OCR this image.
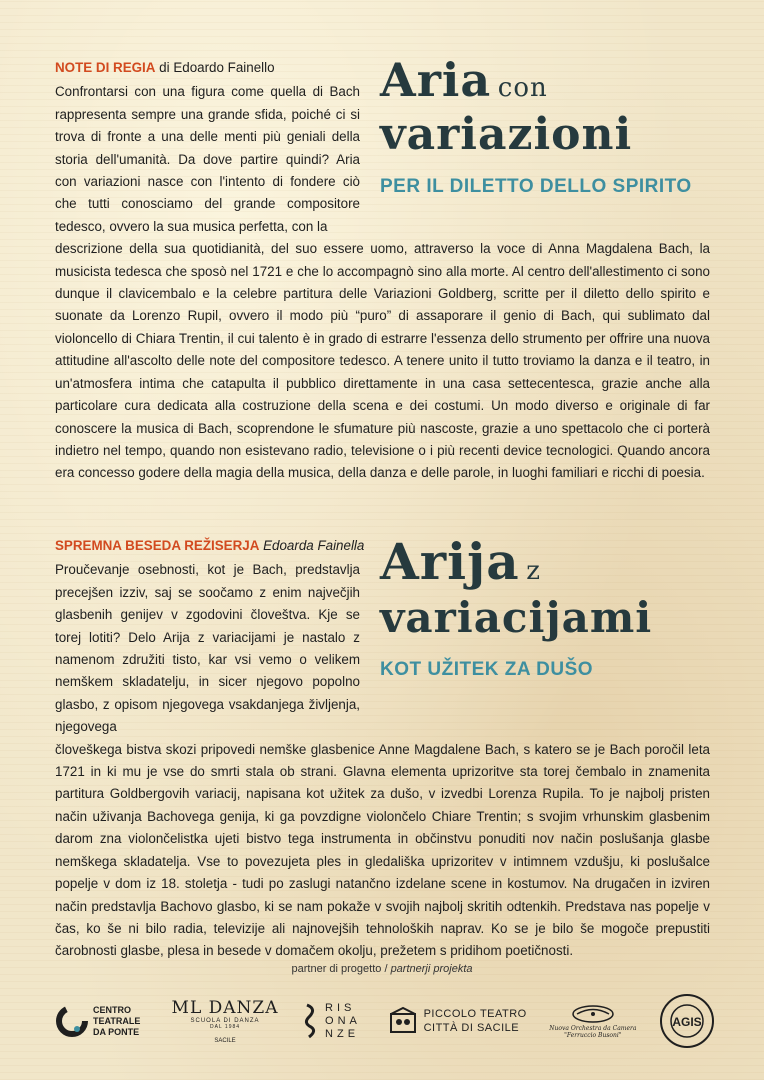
NOTE DI REGIA di Edoardo Fainello
Confrontarsi con una figura come quella di Bach rappresenta sempre una grande sfida, poiché ci si trova di fronte a una delle menti più geniali della storia dell'umanità. Da dove partire quindi? Aria con variazioni nasce con l'intento di fondere ciò che tutti conosciamo del grande compositore tedesco, ovvero la sua musica perfetta, con la
descrizione della sua quotidianità, del suo essere uomo, attraverso la voce di Anna Magdalena Bach, la musicista tedesca che sposò nel 1721 e che lo accompagnò sino alla morte. Al centro dell'allestimento ci sono dunque il clavicembalo e la celebre partitura delle Variazioni Goldberg, scritte per il diletto dello spirito e suonate da Lorenzo Rupil, ovvero il modo più “puro” di assaporare il genio di Bach, qui sublimato dal violoncello di Chiara Trentin, il cui talento è in grado di estrarre l'essenza dello strumento per offrire una nuova attitudine all'ascolto delle note del compositore tedesco. A tenere unito il tutto troviamo la danza e il teatro, in un'atmosfera intima che catapulta il pubblico direttamente in una casa settecentesca, grazie anche alla particolare cura dedicata alla costruzione della scena e dei costumi. Un modo diverso e originale di far conoscere la musica di Bach, scoprendone le sfumature più nascoste, grazie a uno spettacolo che ci porterà indietro nel tempo, quando non esistevano radio, televisione o i più recenti device tecnologici. Quando ancora era concesso godere della magia della musica, della danza e delle parole, in luoghi familiari e ricchi di poesia.
Aria con
variazioni
PER IL DILETTO DELLO SPIRITO
SPREMNA BESEDA REŽISERJA Edoarda Fainella
Proučevanje osebnosti, kot je Bach, predstavlja precejšen izziv, saj se soočamo z enim največjih glasbenih genijev v zgodovini človeštva. Kje se torej lotiti? Delo Arija z variacijami je nastalo z namenom združiti tisto, kar vsi vemo o velikem nemškem skladatelju, in sicer njegovo popolno glasbo, z opisom njegovega vsakdanjega življenja, njegovega
človeškega bistva skozi pripovedi nemške glasbenice Anne Magdalene Bach, s katero se je Bach poročil leta 1721 in ki mu je vse do smrti stala ob strani. Glavna elementa uprizoritve sta torej čembalo in znamenita partitura Goldbergovih variacij, napisana kot užitek za dušo, v izvedbi Lorenza Rupila. To je najbolj pristen način uživanja Bachovega genija, ki ga povzdigne violončelo Chiare Trentin; s svojim vrhunskim glasbenim darom zna violončelistka ujeti bistvo tega instrumenta in občinstvu ponuditi nov način poslušanja glasbe nemškega skladatelja. Vse to povezujeta ples in gledališka uprizoritev v intimnem vzdušju, ki poslušalce popelje v dom iz 18. stoletja - tudi po zaslugi natančno izdelane scene in kostumov. Na drugačen in izviren način predstavlja Bachovo glasbo, ki se nam pokaže v svojih najbolj skritih odtenkih. Predstava nas popelje v čas, ko še ni bilo radia, televizije ali najnovejših tehnoloških naprav. Ko se je bilo še mogoče prepustiti čarobnosti glasbe, plesa in besede v domačem okolju, prežetem s pridihom poetičnosti.
Arija z
variacijami
KOT UŽITEK ZA DUŠO
partner di progetto / partnerji projekta
CENTRO TEATRALE DA PONTE
ML DANZA
SCUOLA DI DANZA
DAL 1984
SACILE
RIS ONA NZE
PICCOLO TEATRO
CITTÀ DI SACILE	Nuova Orchestra da Camera
"Ferruccio Busoni"
AGIS
